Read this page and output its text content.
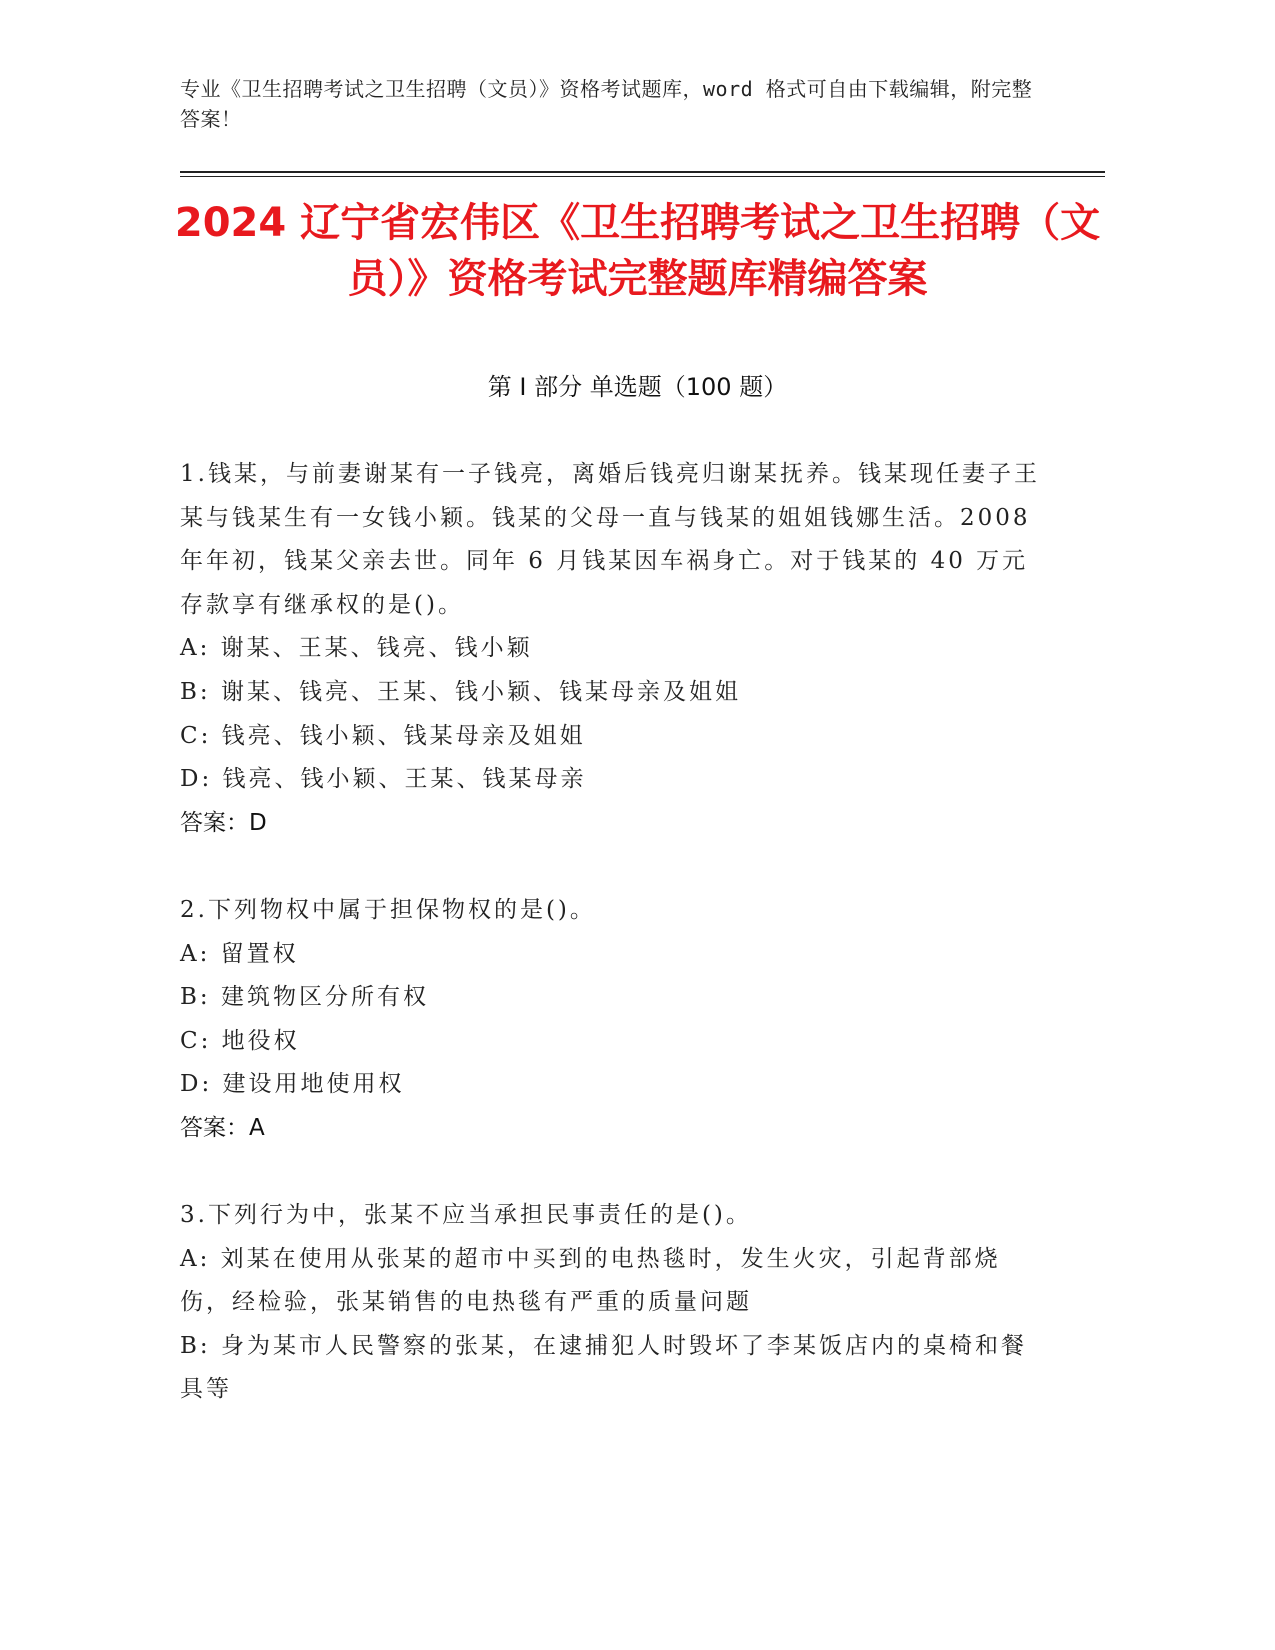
专业《卫生招聘考试之卫生招聘（文员）》资格考试题库，word 格式可自由下载编辑，附完整答案！
2024 辽宁省宏伟区《卫生招聘考试之卫生招聘（文员）》资格考试完整题库精编答案
第 I 部分 单选题（100 题）
1.钱某，与前妻谢某有一子钱亮，离婚后钱亮归谢某抚养。钱某现任妻子王某与钱某生有一女钱小颖。钱某的父母一直与钱某的姐姐钱娜生活。2008 年年初，钱某父亲去世。同年 6 月钱某因车祸身亡。对于钱某的 40 万元存款享有继承权的是()。
A: 谢某、王某、钱亮、钱小颖
B: 谢某、钱亮、王某、钱小颖、钱某母亲及姐姐
C: 钱亮、钱小颖、钱某母亲及姐姐
D: 钱亮、钱小颖、王某、钱某母亲
答案：D
2.下列物权中属于担保物权的是()。
A: 留置权
B: 建筑物区分所有权
C: 地役权
D: 建设用地使用权
答案：A
3.下列行为中，张某不应当承担民事责任的是()。
A: 刘某在使用从张某的超市中买到的电热毯时，发生火灾，引起背部烧伤，经检验，张某销售的电热毯有严重的质量问题
B: 身为某市人民警察的张某，在逮捕犯人时毁坏了李某饭店内的桌椅和餐具等
